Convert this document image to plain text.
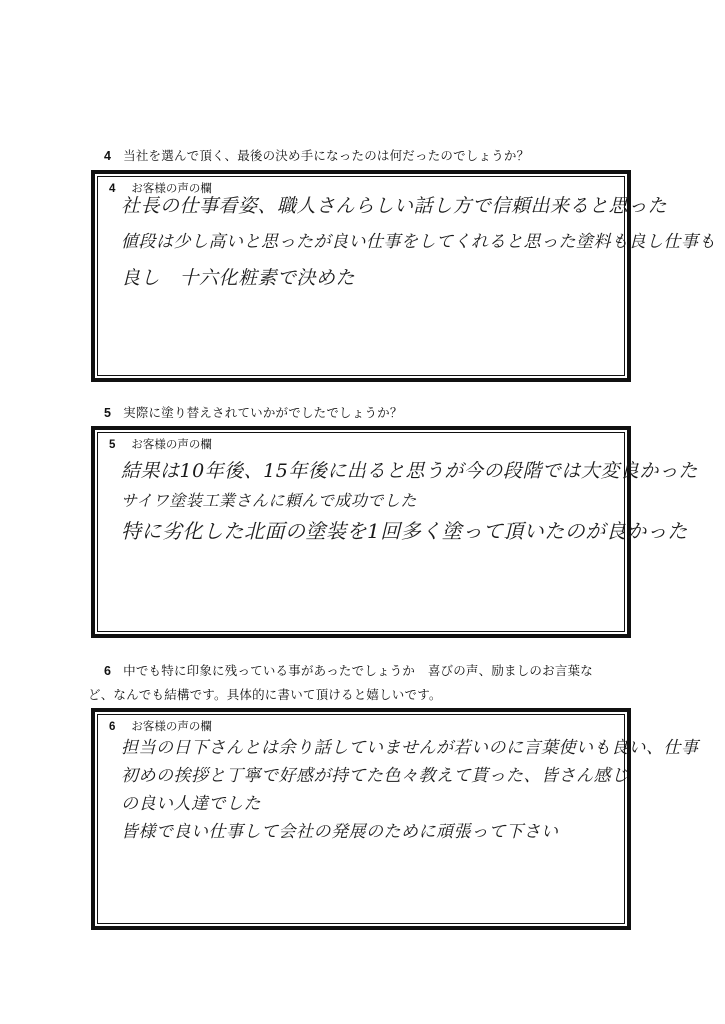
4 当社を選んで頂く、最後の決め手になったのは何だったのでしょうか？
4 お客様の声の欄
社長の仕事看姿、職人さんらしい話し方で信頼出来ると思った
値段は少し高いと思ったが良い仕事をしてくれると思った塗料も良し仕事も
良し　十六化粧素で決めた
5 実際に塗り替えされていかがでしたでしょうか？
5 お客様の声の欄
結果は10年後、15年後に出ると思うが今の段階では大変良かった
サイワ塗装工業さんに頼んで成功でした
特に劣化した北面の塗装を1回多く塗って頂いたのが良かった
6 中でも特に印象に残っている事があったでしょうか　喜びの声、励ましのお言葉な
ど、なんでも結構です。具体的に書いて頂けると嬉しいです。
6 お客様の声の欄
担当の日下さんとは余り話していませんが若いのに言葉使いも良い、仕事
初めの挨拶と丁寧で好感が持てた色々教えて貰った、皆さん感じ
の良い人達でした
皆様で良い仕事して会社の発展のために頑張って下さい
